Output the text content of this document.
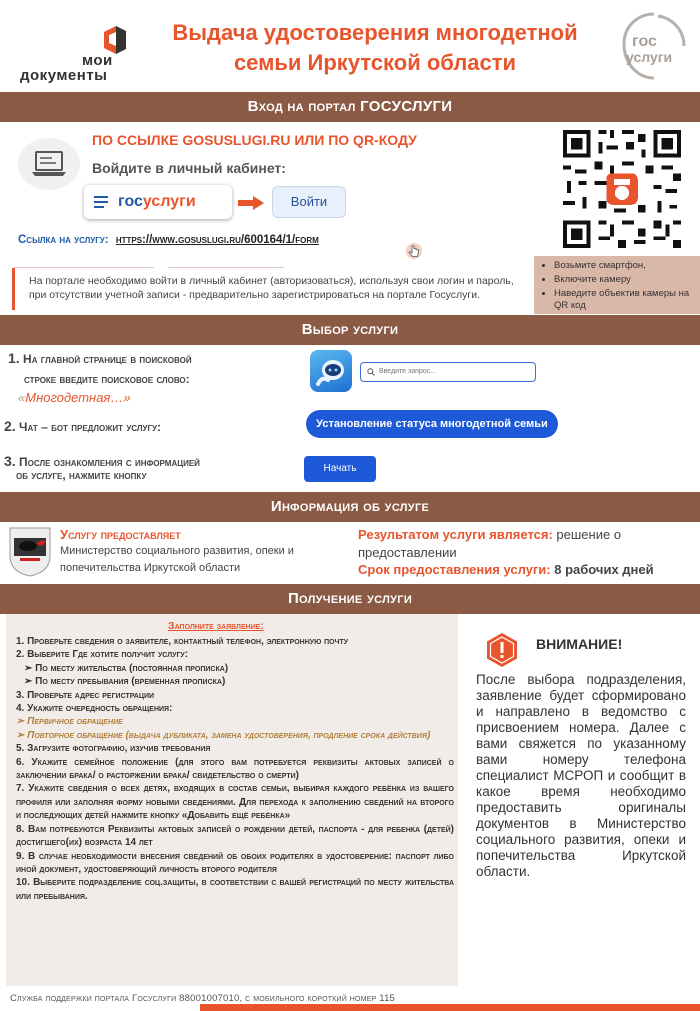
мои
документы
Выдача удостоверения многодетной
семьи Иркутской области
гос
услуги
Вход на портал ГОСУСЛУГИ
ПО ССЫЛКЕ GOSUSLUGI.RU ИЛИ ПО QR-КОДУ
Войдите в личный кабинет:
госуслуги	Войти
Ссылка на услугу: https://www.gosuslugi.ru/600164/1/form
На портале необходимо войти в личный кабинет (авторизоваться), используя свои логин и пароль, при отсутствии учетной записи - предварительно зарегистрироваться на портале Госуслуги.
• Возьмите смартфон,
• Включите камеру
• Наведите объектив камеры на QR код
Выбор услуги
1. На главной странице в поисковой
строке введите поисковое слово:
«Многодетная…»
Введите запрос...
2. Чат – бот предложит услугу:	Установление статуса многодетной семьи
3. После ознакомления с информацией
об услуге, нажмите кнопку	Начать
Информация об услуге
Услугу предоставляет
Министерство социального развития, опеки и попечительства Иркутской области
Результатом услуги является: решение о предоставлении
Срок предоставления услуги: 8 рабочих дней
Получение услуги
Заполните заявление:
1. Проверьте сведения о заявителе, контактный телефон, электронную почту
2. Выберите Где хотите получит услугу:
➢ По месту жительства (постоянная прописка)
➢ По месту пребывания (временная прописка)
3. Проверьте адрес регистрации
4. Укажите очередность обращения:
➢ Первичное обращение
➢ Повторное обращение (выдача дубликата, замена удостоверения, продление срока действия)
5. Загрузите фотографию, изучив требования
6. Укажите семейное положение (для этого вам потребуется реквизиты актовых записей о заключении брака/ о расторжении брака/ свидетельство о смерти)
7. Укажите сведения о всех детях, входящих в состав семьи, выбирая каждого ребёнка из вашего профиля или заполняя форму новыми сведениями. Для перехода к заполнению сведений на второго и последующих детей нажмите кнопку «Добавить ещё ребёнка»
8. Вам потребуются Реквизиты актовых записей о рождении детей, паспорта - для ребенка (детей) достигшего(их) возраста 14 лет
9. В случае необходимости внесения сведений об обоих родителях в удостоверение: паспорт либо иной документ, удостоверяющий личность второго родителя
10. Выберите подразделение соц.защиты, в соответствии с вашей регистраций по месту жительства или пребывания.
ВНИМАНИЕ!
После выбора подразделения, заявление будет сформировано и направлено в ведомство с присвоением номера. Далее с вами свяжется по указанному вами номеру телефона специалист МСРОП и сообщит в какое время необходимо предоставить оригиналы документов в Министерство социального развития, опеки и попечительства Иркутской области.
Служба поддержки портала Госуслуги 88001007010, с мобильного короткий номер 115
